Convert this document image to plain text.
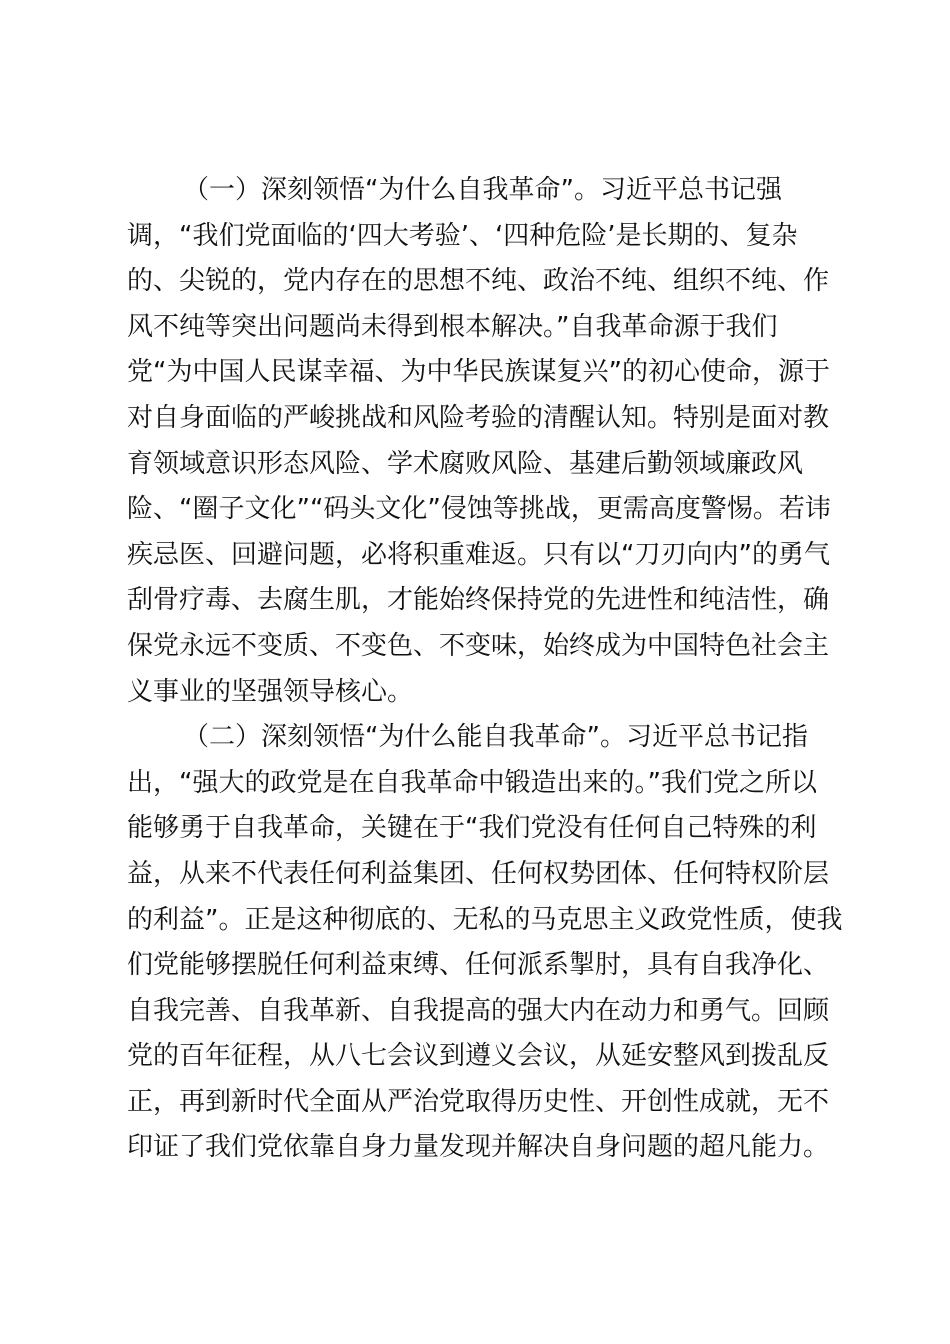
（一）深刻领悟“为什么自我革命”。习近平总书记强
调，“我们党面临的‘四大考验’、‘四种危险’是长期的、复杂
的、尖锐的，党内存在的思想不纯、政治不纯、组织不纯、作
风不纯等突出问题尚未得到根本解决。”自我革命源于我们
党“为中国人民谋幸福、为中华民族谋复兴”的初心使命，源于
对自身面临的严峻挑战和风险考验的清醒认知。特别是面对教
育领域意识形态风险、学术腐败风险、基建后勤领域廉政风
险、“圈子文化”“码头文化”侵蚀等挑战，更需高度警惕。若讳
疾忌医、回避问题，必将积重难返。只有以“刀刃向内”的勇气
刮骨疗毒、去腐生肌，才能始终保持党的先进性和纯洁性，确
保党永远不变质、不变色、不变味，始终成为中国特色社会主
义事业的坚强领导核心。
（二）深刻领悟“为什么能自我革命”。习近平总书记指
出，“强大的政党是在自我革命中锻造出来的。”我们党之所以
能够勇于自我革命，关键在于“我们党没有任何自己特殊的利
益，从来不代表任何利益集团、任何权势团体、任何特权阶层
的利益”。正是这种彻底的、无私的马克思主义政党性质，使我
们党能够摆脱任何利益束缚、任何派系掣肘，具有自我净化、
自我完善、自我革新、自我提高的强大内在动力和勇气。回顾
党的百年征程，从八七会议到遵义会议，从延安整风到拨乱反
正，再到新时代全面从严治党取得历史性、开创性成就，无不
印证了我们党依靠自身力量发现并解决自身问题的超凡能力。
